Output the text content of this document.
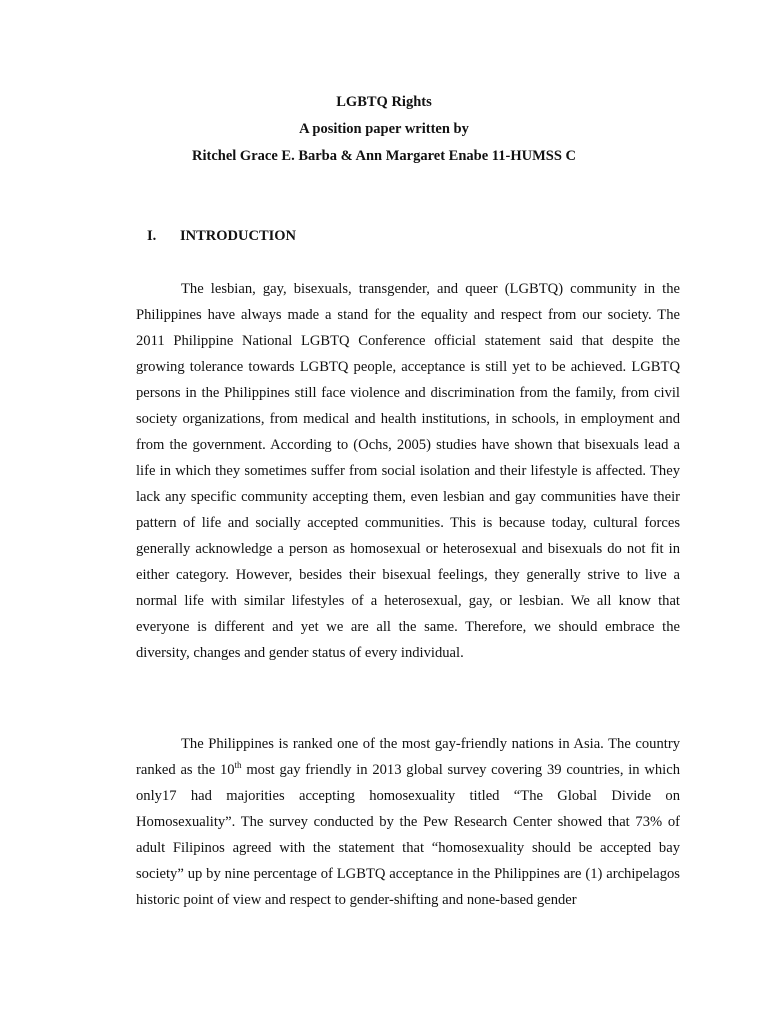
LGBTQ Rights
A position paper written by
Ritchel Grace E. Barba & Ann Margaret Enabe 11-HUMSS C
I. INTRODUCTION

The lesbian, gay, bisexuals, transgender, and queer (LGBTQ) community in the Philippines have always made a stand for the equality and respect from our society. The 2011 Philippine National LGBTQ Conference official statement said that despite the growing tolerance towards LGBTQ people, acceptance is still yet to be achieved. LGBTQ persons in the Philippines still face violence and discrimination from the family, from civil society organizations, from medical and health institutions, in schools, in employment and from the government. According to (Ochs, 2005) studies have shown that bisexuals lead a life in which they sometimes suffer from social isolation and their lifestyle is affected. They lack any specific community accepting them, even lesbian and gay communities have their pattern of life and socially accepted communities. This is because today, cultural forces generally acknowledge a person as homosexual or heterosexual and bisexuals do not fit in either category. However, besides their bisexual feelings, they generally strive to live a normal life with similar lifestyles of a heterosexual, gay, or lesbian. We all know that everyone is different and yet we are all the same. Therefore, we should embrace the diversity, changes and gender status of every individual.

The Philippines is ranked one of the most gay-friendly nations in Asia. The country ranked as the 10th most gay friendly in 2013 global survey covering 39 countries, in which only17 had majorities accepting homosexuality titled “The Global Divide on Homosexuality”. The survey conducted by the Pew Research Center showed that 73% of adult Filipinos agreed with the statement that “homosexuality should be accepted bay society” up by nine percentage of LGBTQ acceptance in the Philippines are (1) archipelagos historic point of view and respect to gender-shifting and none-based gender
